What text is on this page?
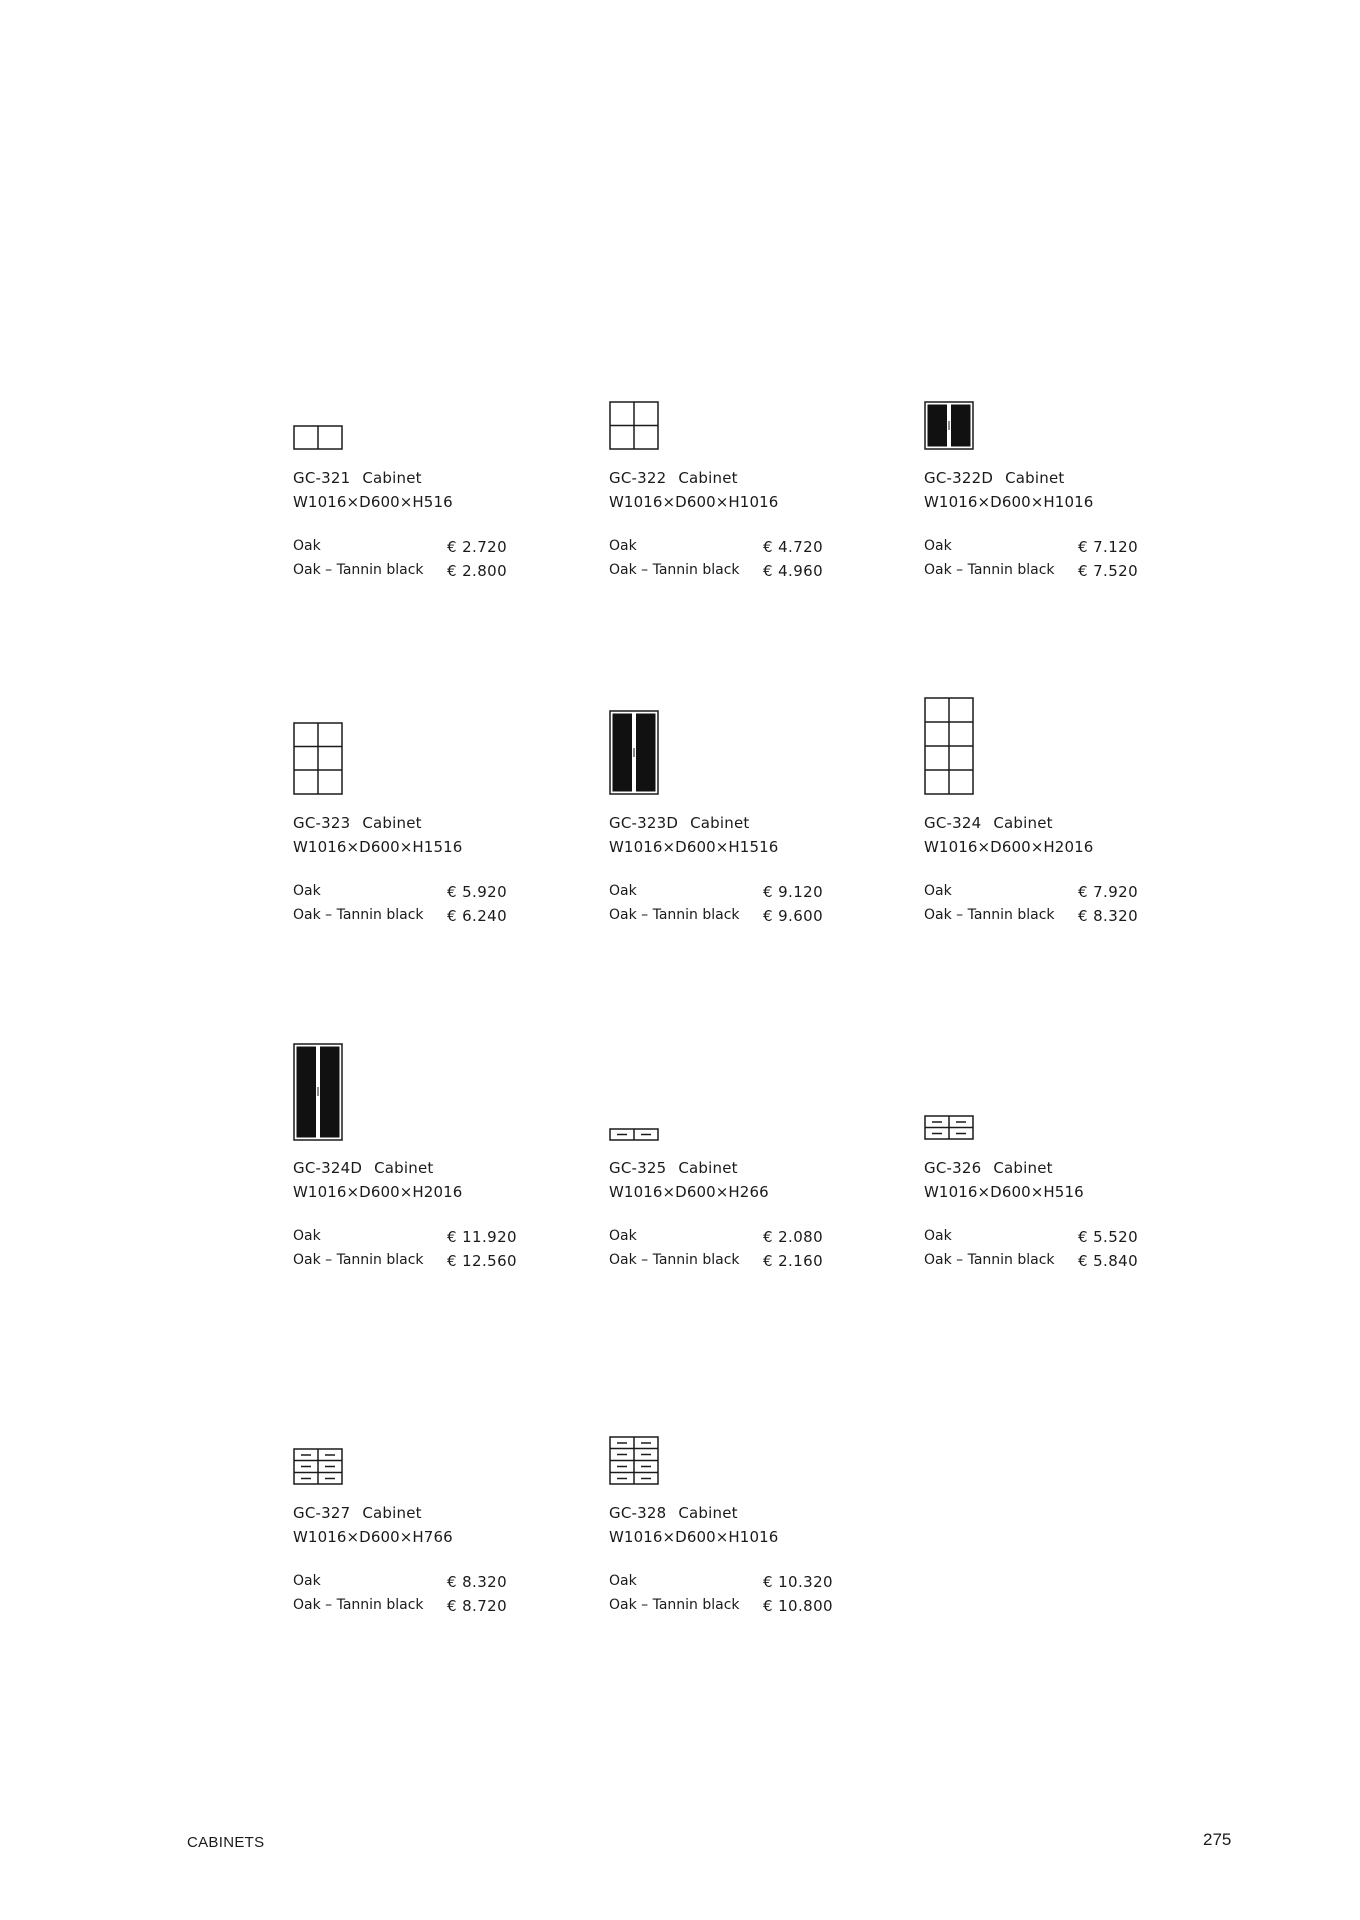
GC-321 Cabinet
W1016×D600×H516
Oak	€ 2.720
Oak – Tannin black € 2.800
GC-322 Cabinet
W1016×D600×H1016
Oak	€ 4.720
Oak – Tannin black € 4.960
GC-322D Cabinet
W1016×D600×H1016
Oak	€ 7.120
Oak – Tannin black € 7.520
GC-323 Cabinet
W1016×D600×H1516
Oak	€ 5.920
Oak – Tannin black € 6.240
GC-323D Cabinet
W1016×D600×H1516
Oak	€ 9.120
Oak – Tannin black € 9.600
GC-324 Cabinet
W1016×D600×H2016
Oak	€ 7.920
Oak – Tannin black € 8.320
GC-324D Cabinet
W1016×D600×H2016
Oak	€ 11.920
Oak – Tannin black € 12.560
GC-325 Cabinet
W1016×D600×H266
Oak	€ 2.080
Oak – Tannin black € 2.160
GC-326 Cabinet
W1016×D600×H516
Oak	€ 5.520
Oak – Tannin black € 5.840
GC-327 Cabinet
W1016×D600×H766
Oak	€ 8.320
Oak – Tannin black € 8.720
GC-328 Cabinet
W1016×D600×H1016
Oak	€ 10.320
Oak – Tannin black € 10.800
CABINETS	275
